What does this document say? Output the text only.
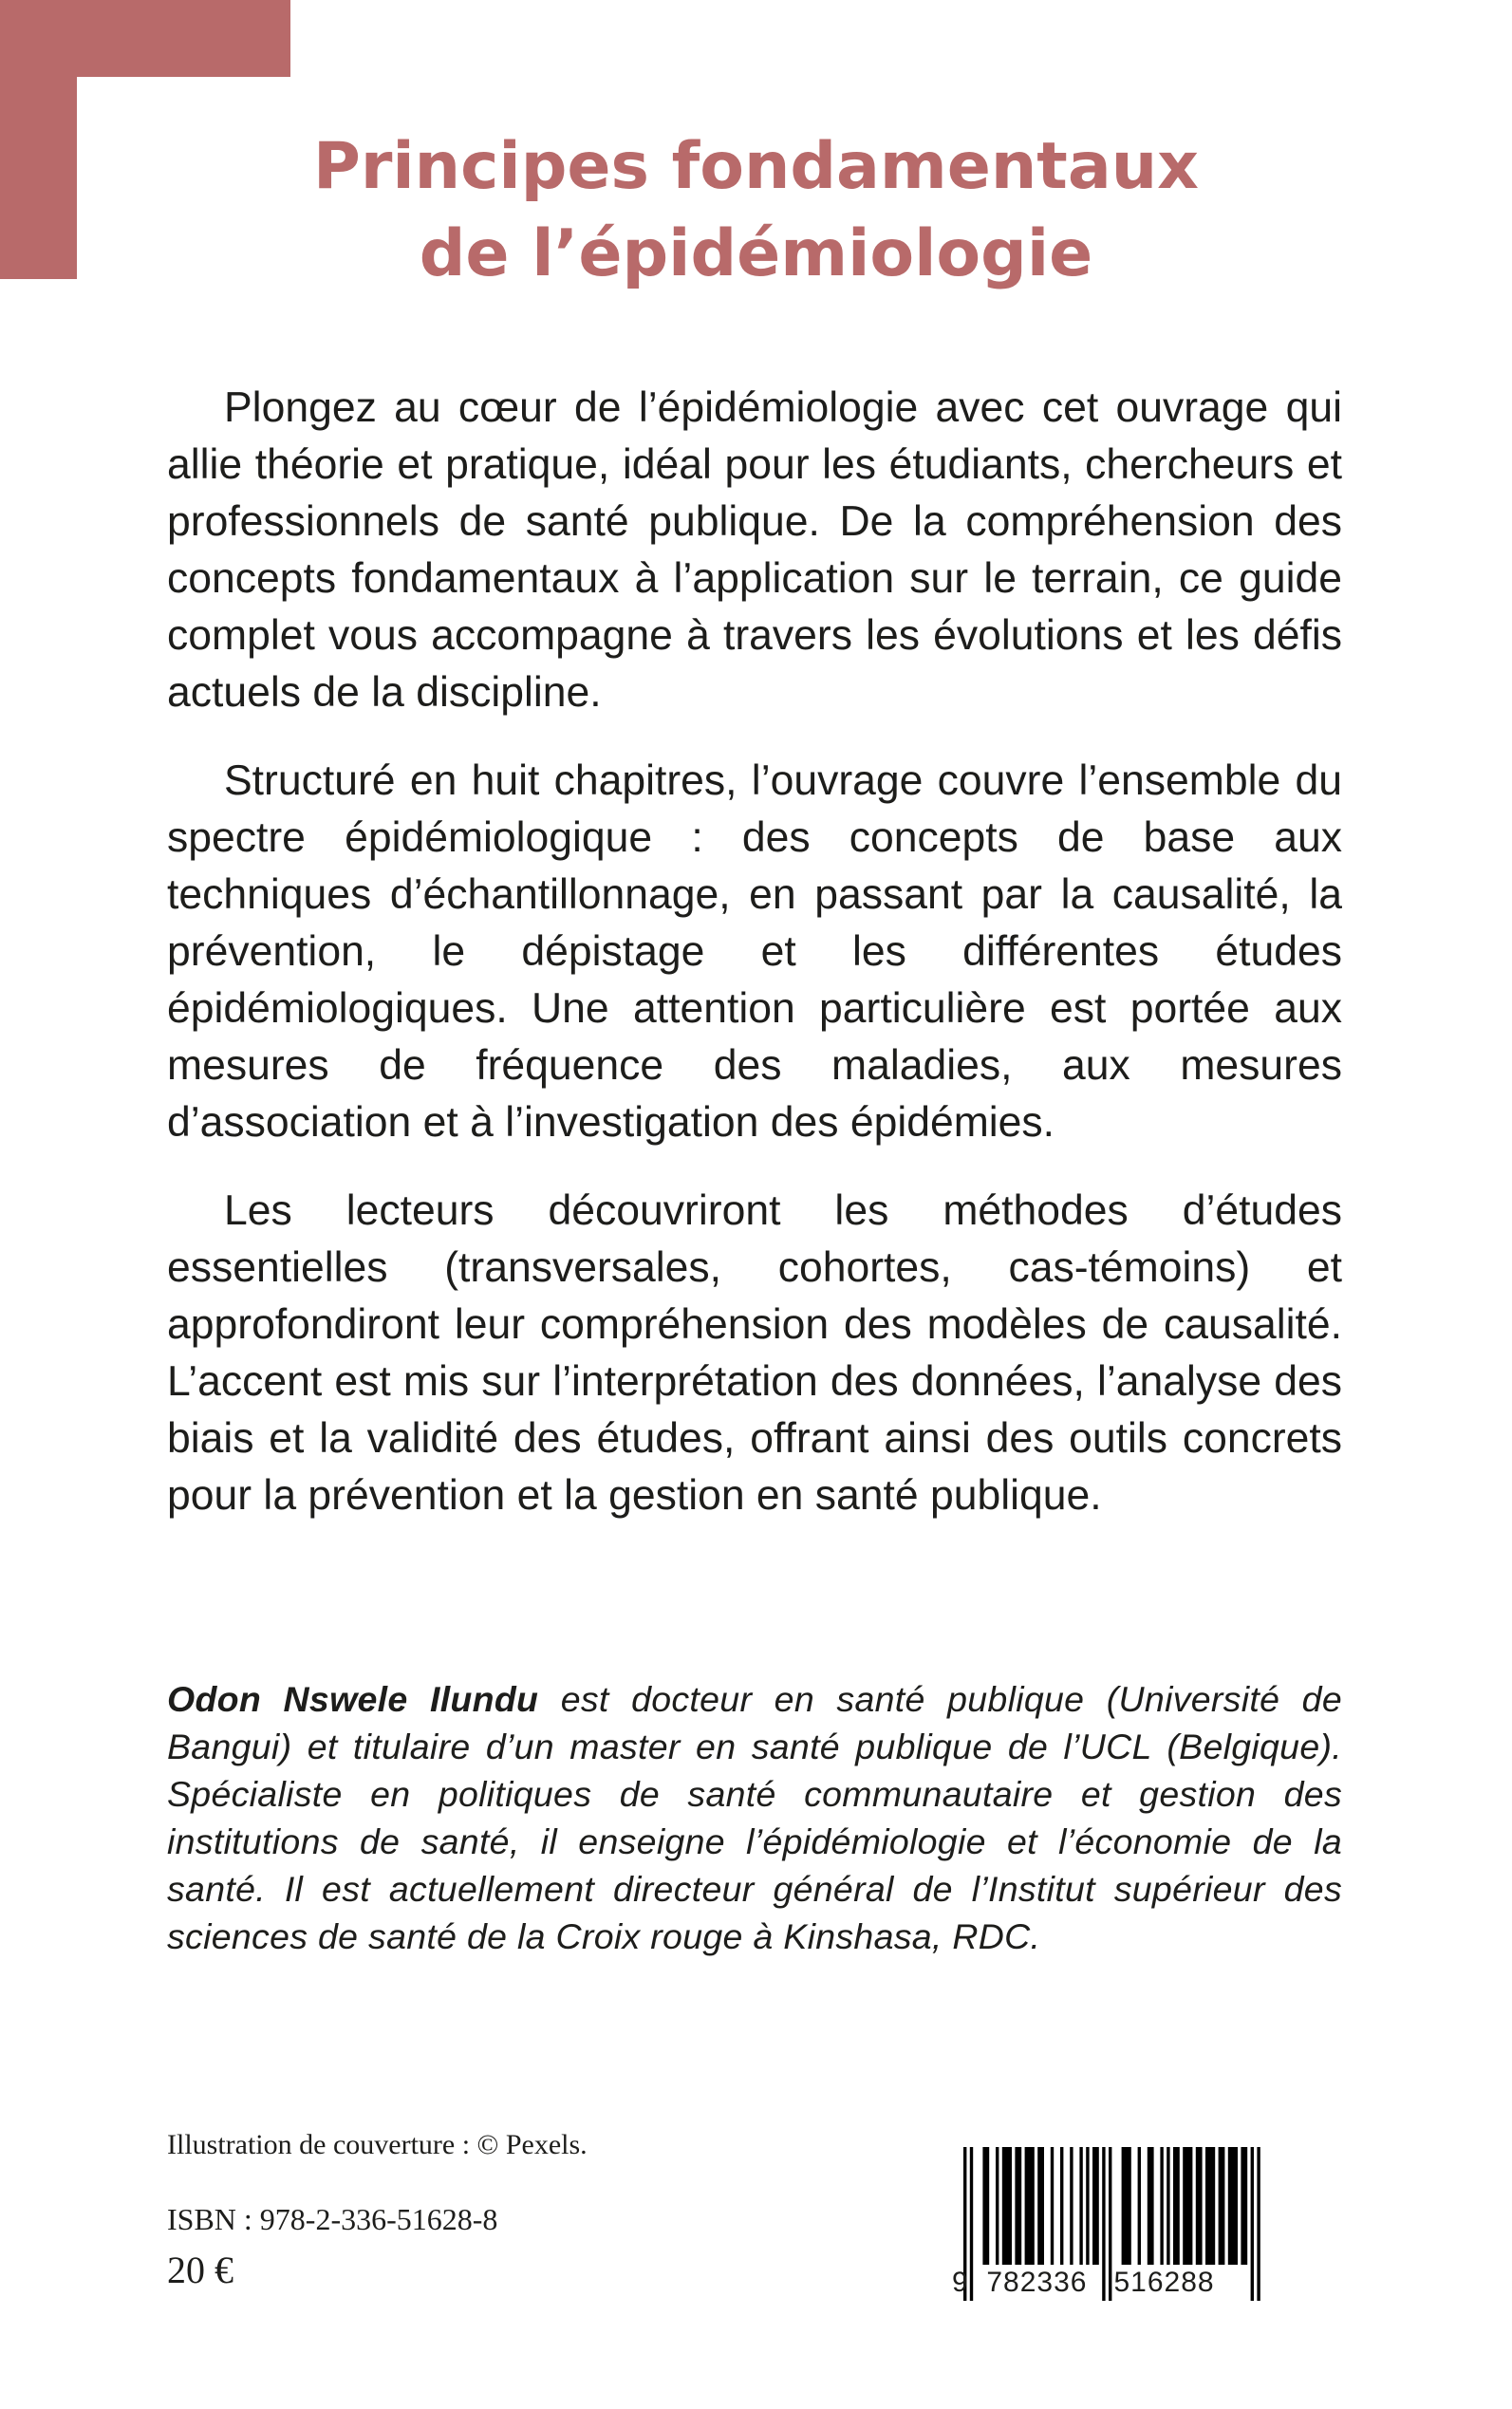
Principes fondamentaux
de l’épidémiologie

Plongez au cœur de l’épidémiologie avec cet ouvrage qui allie théorie et pratique, idéal pour les étudiants, chercheurs et professionnels de santé publique. De la compréhension des concepts fondamentaux à l’application sur le terrain, ce guide complet vous accompagne à travers les évolutions et les défis actuels de la discipline.

Structuré en huit chapitres, l’ouvrage couvre l’ensemble du spectre épidémiologique : des concepts de base aux techniques d’échantillonnage, en passant par la causalité, la prévention, le dépistage et les différentes études épidémiologiques. Une attention particulière est portée aux mesures de fréquence des maladies, aux mesures d’association et à l’investigation des épidémies.

Les lecteurs découvriront les méthodes d’études essentielles (transversales, cohortes, cas-témoins) et approfondiront leur compréhension des modèles de causalité. L’accent est mis sur l’interprétation des données, l’analyse des biais et la validité des études, offrant ainsi des outils concrets pour la prévention et la gestion en santé publique.

Odon Nswele Ilundu est docteur en santé publique (Université de Bangui) et titulaire d’un master en santé publique de l’UCL (Belgique). Spécialiste en politiques de santé communautaire et gestion des institutions de santé, il enseigne l’épidémiologie et l’économie de la santé. Il est actuellement directeur général de l’Institut supérieur des sciences de santé de la Croix rouge à Kinshasa, RDC.
Illustration de couverture : © Pexels.
ISBN : 978-2-336-51628-8
20 €	9 782336 516288
